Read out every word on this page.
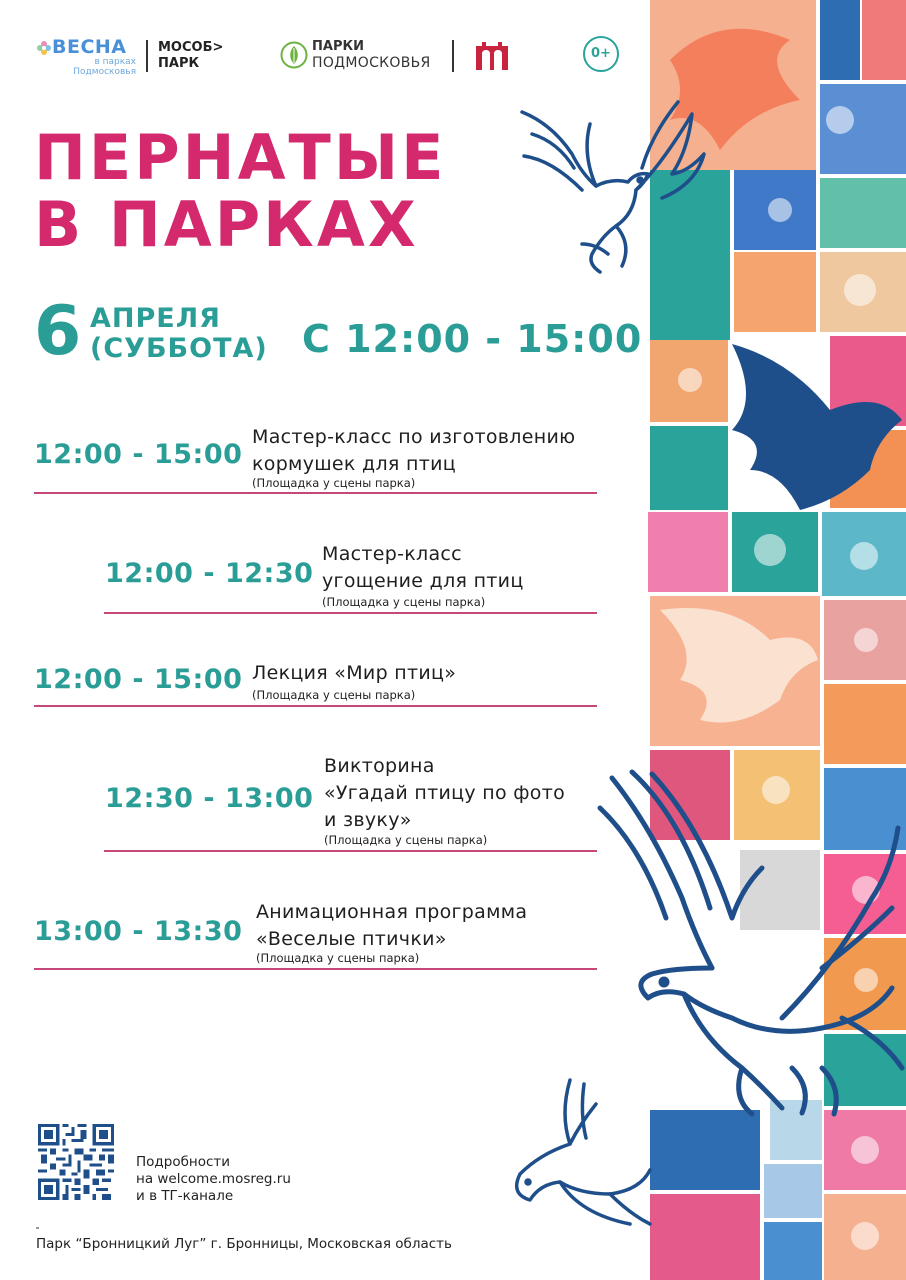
ВЕСНА
в парках
Подмосковья
МОСОБ>
ПАРК
ПАРКИ
ПОДМОСКОВЬЯ
0+
ПЕРНАТЫЕ
В ПАРКАХ
6 АПРЕЛЯ
(СУББОТА) С 12:00 - 15:00
12:00 - 15:00
Мастер-класс по изготовлению
кормушек для птиц
(Площадка у сцены парка)
12:00 - 12:30
Мастер-класс
угощение для птиц
(Площадка у сцены парка)
12:00 - 15:00 Лекция «Мир птиц»
(Площадка у сцены парка)
12:30 - 13:00
Викторина
«Угадай птицу по фото
и звуку»
(Площадка у сцены парка)
13:00 - 13:30
Анимационная программа
«Веселые птички»
(Площадка у сцены парка)
Подробности
на welcome.mosreg.ru
и в ТГ-канале
Парк “Бронницкий Луг” г. Бронницы, Московская область
